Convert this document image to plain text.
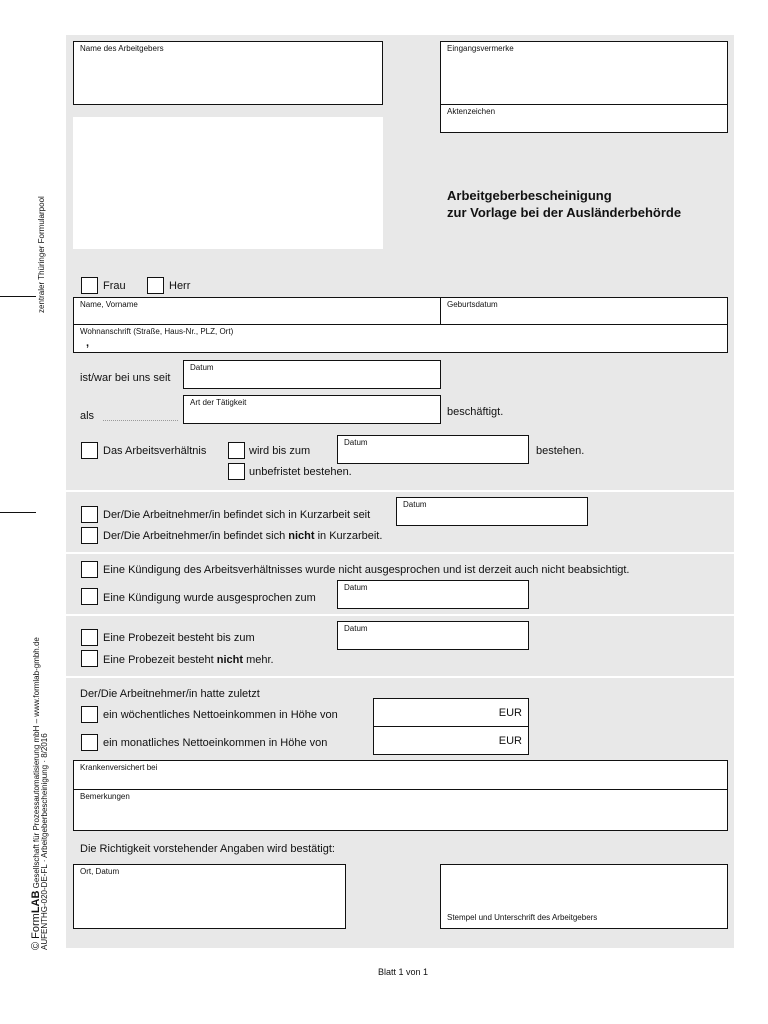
zentraler Thüringer Formularpool
© FormLAB Gesellschaft für Prozessautomatisierung mbH – www.formlab-gmbh.de AUFENTHG-020-DE-FL · Arbeitgeberbescheinigung · 8/2016
Name des Arbeitgebers	Eingangsvermerke
Aktenzeichen
Arbeitgeberbescheinigung
zur Vorlage bei der Ausländerbehörde
Frau	Herr
Name, Vorname	Geburtsdatum
Wohnanschrift (Straße, Haus-Nr., PLZ, Ort)
,
ist/war bei uns seit
Datum
als
Art der Tätigkeit
beschäftigt.
Das Arbeitsverhältnis	wird bis zum
Datum
bestehen.
unbefristet bestehen.
Der/Die Arbeitnehmer/in befindet sich in Kurzarbeit seit
Datum
Der/Die Arbeitnehmer/in befindet sich nicht in Kurzarbeit.
Eine Kündigung des Arbeitsverhältnisses wurde nicht ausgesprochen und ist derzeit auch nicht beabsichtigt.
Eine Kündigung wurde ausgesprochen zum
Datum
Eine Probezeit besteht bis zum
Datum
Eine Probezeit besteht nicht mehr.
Der/Die Arbeitnehmer/in hatte zuletzt
ein wöchentliches Nettoeinkommen in Höhe von	EUR
ein monatliches Nettoeinkommen in Höhe von	EUR
Krankenversichert bei
Bemerkungen
Die Richtigkeit vorstehender Angaben wird bestätigt:
Ort, Datum
Stempel und Unterschrift des Arbeitgebers
Blatt 1 von 1
